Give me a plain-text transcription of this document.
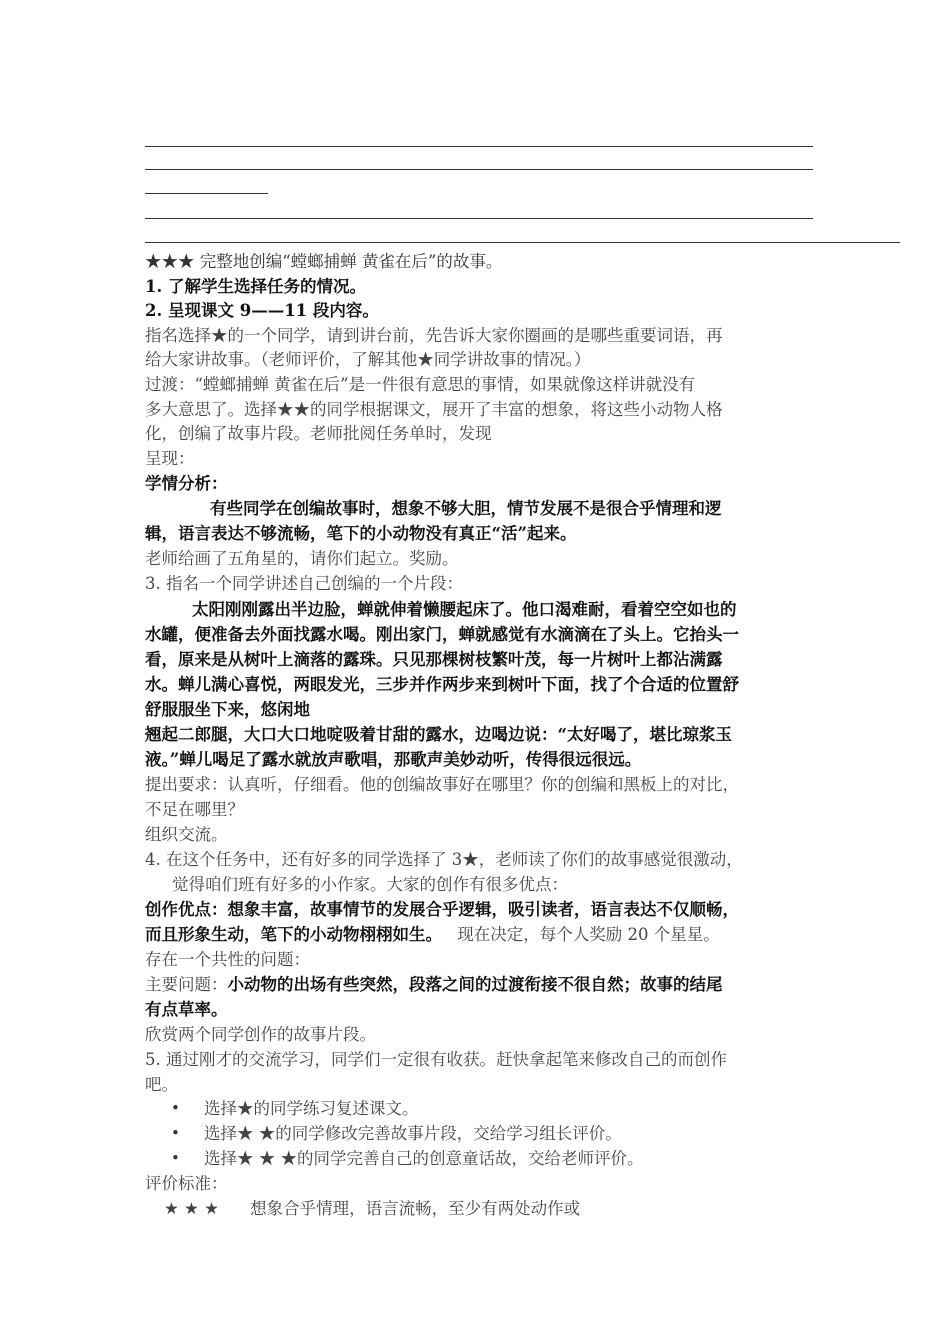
★★★ 完整地创编“螳螂捕蝉 黄雀在后”的故事。
1. 了解学生选择任务的情况。
2. 呈现课文 9——11 段内容。
指名选择★的一个同学，请到讲台前，先告诉大家你圈画的是哪些重要词语，再
给大家讲故事。（老师评价，了解其他★同学讲故事的情况。）
过渡：“螳螂捕蝉 黄雀在后”是一件很有意思的事情，如果就像这样讲就没有
多大意思了。选择★★的同学根据课文，展开了丰富的想象，将这些小动物人格
化，创编了故事片段。老师批阅任务单时，发现
呈现：
学情分析：
有些同学在创编故事时，想象不够大胆，情节发展不是很合乎情理和逻
辑，语言表达不够流畅，笔下的小动物没有真正“活”起来。
老师给画了五角星的，请你们起立。奖励。
3. 指名一个同学讲述自己创编的一个片段：
太阳刚刚露出半边脸，蝉就伸着懒腰起床了。他口渴难耐，看着空空如也的
水罐，便准备去外面找露水喝。刚出家门，蝉就感觉有水滴滴在了头上。它抬头一
看，原来是从树叶上滴落的露珠。只见那棵树枝繁叶茂，每一片树叶上都沾满露
水。蝉儿满心喜悦，两眼发光，三步并作两步来到树叶下面，找了个合适的位置舒
舒服服坐下来，悠闲地
翘起二郎腿，大口大口地啶吸着甘甜的露水，边喝边说：“太好喝了，堪比琼浆玉
液。”蝉儿喝足了露水就放声歌唱，那歌声美妙动听，传得很远很远。
提出要求：认真听，仔细看。他的创编故事好在哪里？你的创编和黑板上的对比，
不足在哪里？
组织交流。
4. 在这个任务中，还有好多的同学选择了 3★，老师读了你们的故事感觉很激动，
觉得咱们班有好多的小作家。大家的创作有很多优点：
创作优点：想象丰富，故事情节的发展合乎逻辑，吸引读者，语言表达不仅顺畅，
而且形象生动，笔下的小动物栩栩如生。 现在决定，每个人奖励 20 个星星。
存在一个共性的问题：
主要问题：小动物的出场有些突然，段落之间的过渡衔接不很自然；故事的结尾
有点草率。
欣赏两个同学创作的故事片段。
5. 通过刚才的交流学习，同学们一定很有收获。赶快拿起笔来修改自己的而创作
吧。
• 选择★的同学练习复述课文。
• 选择★ ★的同学修改完善故事片段，交给学习组长评价。
• 选择★ ★ ★的同学完善自己的创意童话故，交给老师评价。
评价标准：
★ ★ ★ 想象合乎情理，语言流畅，至少有两处动作或
